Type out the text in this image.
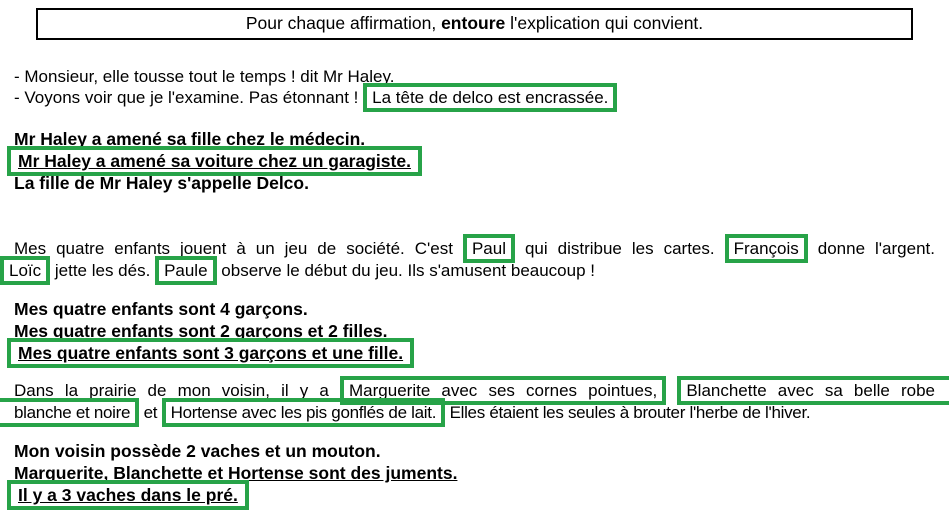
Pour chaque affirmation, entoure l'explication qui convient.
- Monsieur, elle tousse tout le temps ! dit Mr Haley.
- Voyons voir que je l'examine. Pas étonnant ! La tête de delco est encrassée.
Mr Haley a amené sa fille chez le médecin.
Mr Haley a amené sa voiture chez un garagiste.
La fille de Mr Haley s'appelle Delco.
Mes quatre enfants jouent à un jeu de société. C'est Paul qui distribue les cartes. François donne l'argent.
Loïc jette les dés. Paule observe le début du jeu. Ils s'amusent beaucoup !
Mes quatre enfants sont 4 garçons.
Mes quatre enfants sont 2 garçons et 2 filles.
Mes quatre enfants sont 3 garçons et une fille.
Dans la prairie de mon voisin, il y a Marguerite avec ses cornes pointues, Blanchette avec sa belle robe
blanche et noire et Hortense avec les pis gonflés de lait. Elles étaient les seules à brouter l'herbe de l'hiver.
Mon voisin possède 2 vaches et un mouton.
Marguerite, Blanchette et Hortense sont des juments.
Il y a 3 vaches dans le pré.
